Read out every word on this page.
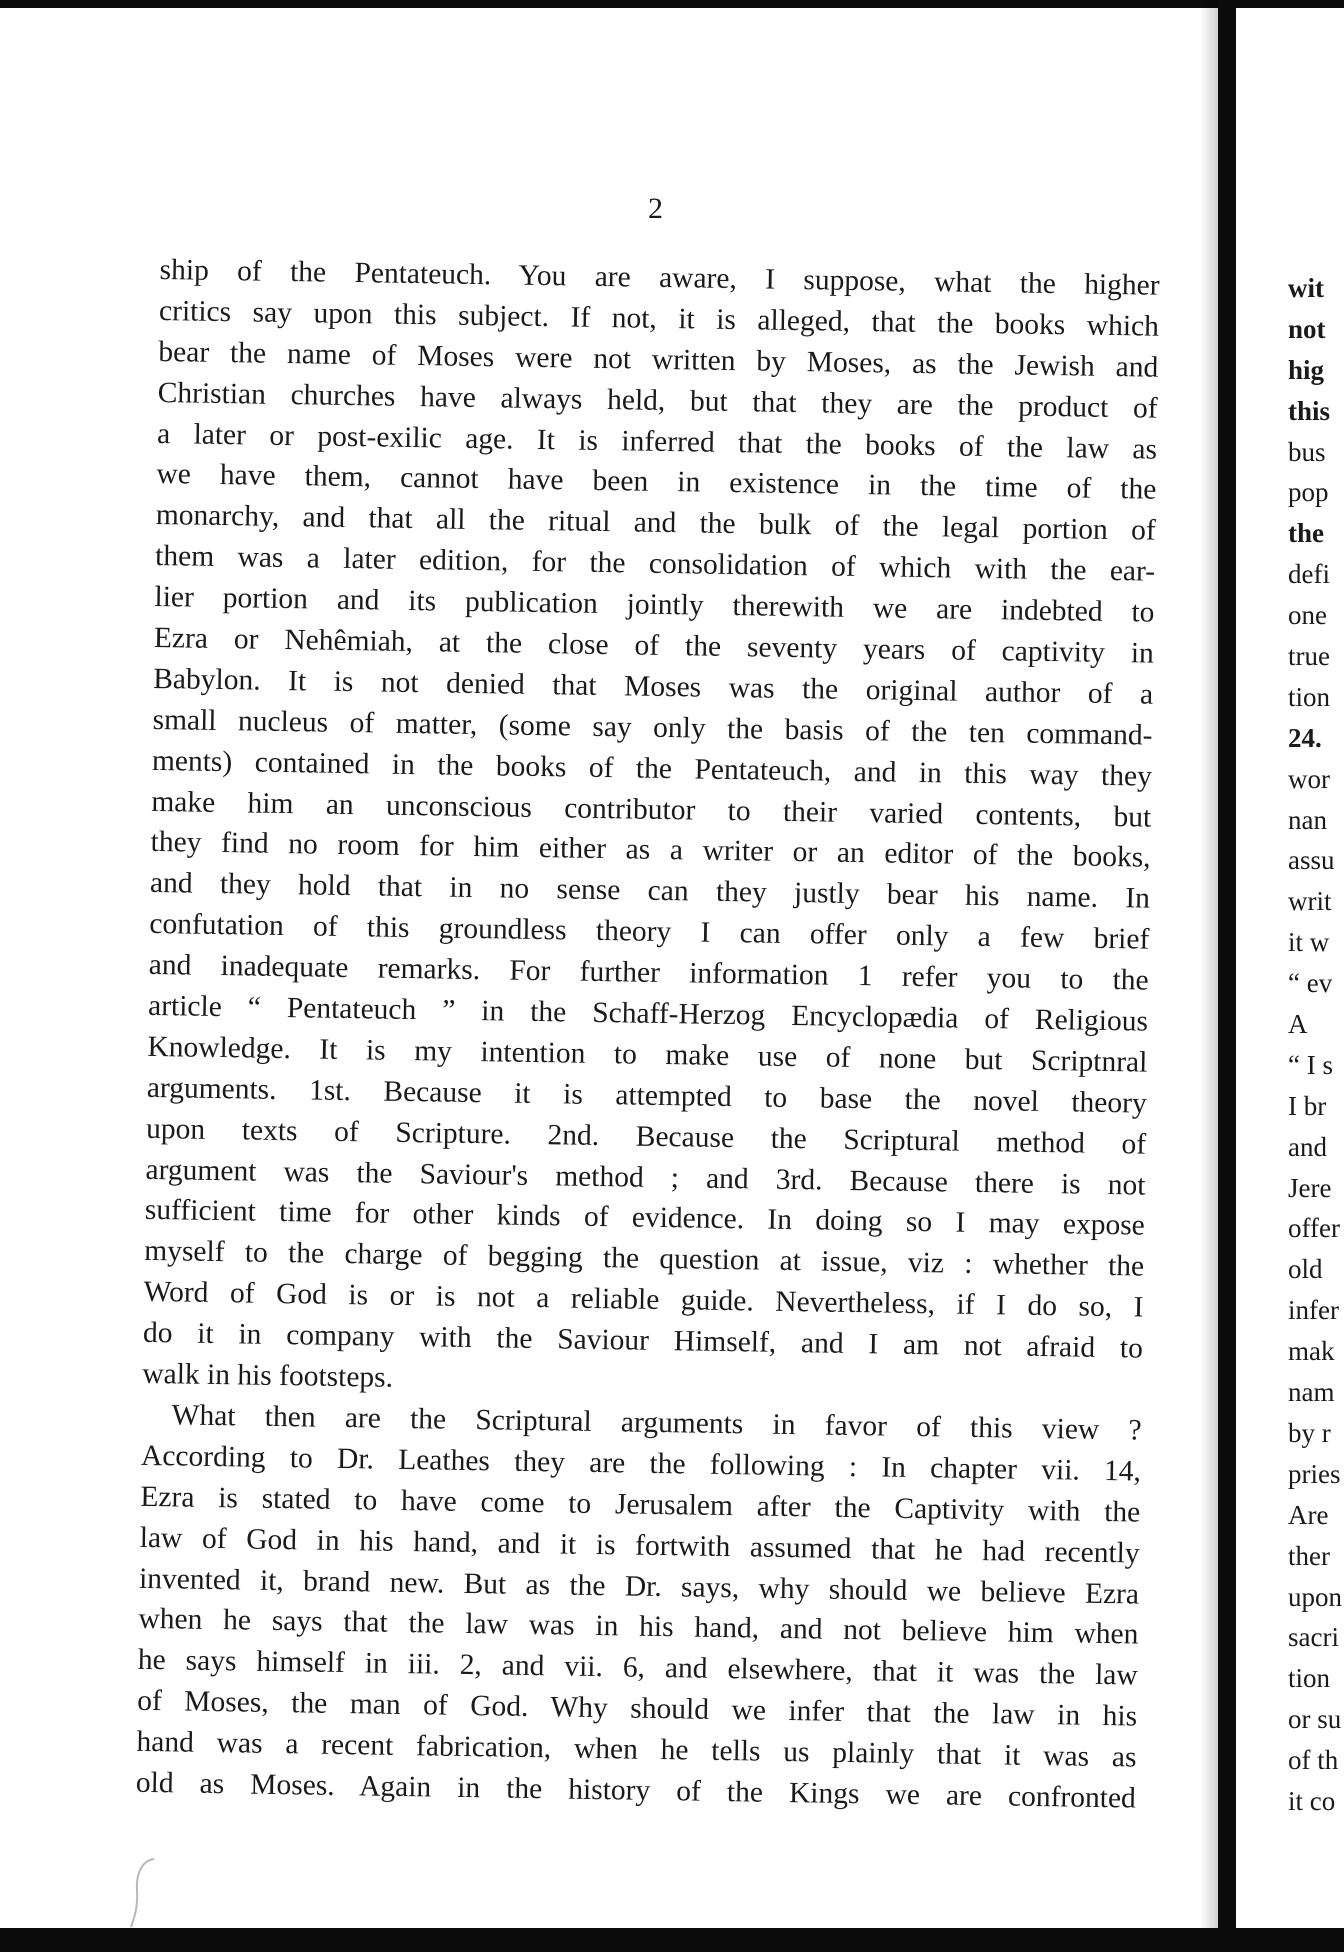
2
ship of the Pentateuch. You are aware, I suppose, what the higher
critics say upon this subject. If not, it is alleged, that the books which
bear the name of Moses were not written by Moses, as the Jewish and
Christian churches have always held, but that they are the product of
a later or post-exilic age. It is inferred that the books of the law as
we have them, cannot have been in existence in the time of the
monarchy, and that all the ritual and the bulk of the legal portion of
them was a later edition, for the consolidation of which with the ear-
lier portion and its publication jointly therewith we are indebted to
Ezra or Nehêmiah, at the close of the seventy years of captivity in
Babylon. It is not denied that Moses was the original author of a
small nucleus of matter, (some say only the basis of the ten command-
ments) contained in the books of the Pentateuch, and in this way they
make him an unconscious contributor to their varied contents, but
they find no room for him either as a writer or an editor of the books,
and they hold that in no sense can they justly bear his name. In
confutation of this groundless theory I can offer only a few brief
and inadequate remarks. For further information 1 refer you to the
article “ Pentateuch ” in the Schaff-Herzog Encyclopædia of Religious
Knowledge. It is my intention to make use of none but Scriptnral
arguments. 1st. Because it is attempted to base the novel theory
upon texts of Scripture. 2nd. Because the Scriptural method of
argument was the Saviour's method ; and 3rd. Because there is not
sufficient time for other kinds of evidence. In doing so I may expose
myself to the charge of begging the question at issue, viz : whether the
Word of God is or is not a reliable guide. Nevertheless, if I do so, I
do it in company with the Saviour Himself, and I am not afraid to
walk in his footsteps.
What then are the Scriptural arguments in favor of this view ?
According to Dr. Leathes they are the following : In chapter vii. 14,
Ezra is stated to have come to Jerusalem after the Captivity with the
law of God in his hand, and it is fortwith assumed that he had recently
invented it, brand new. But as the Dr. says, why should we believe Ezra
when he says that the law was in his hand, and not believe him when
he says himself in iii. 2, and vii. 6, and elsewhere, that it was the law
of Moses, the man of God. Why should we infer that the law in his
hand was a recent fabrication, when he tells us plainly that it was as
old as Moses. Again in the history of the Kings we are confronted
wit
not
hig
this
bus
pop
the
defi
one
true
tion
24.
wor
nan
assu
writ
it w
“ ev
A
“ I s
I br
and
Jere
offer
old
infer
mak
nam
by r
pries
Are
ther
upon
sacri
tion
or su
of th
it co
